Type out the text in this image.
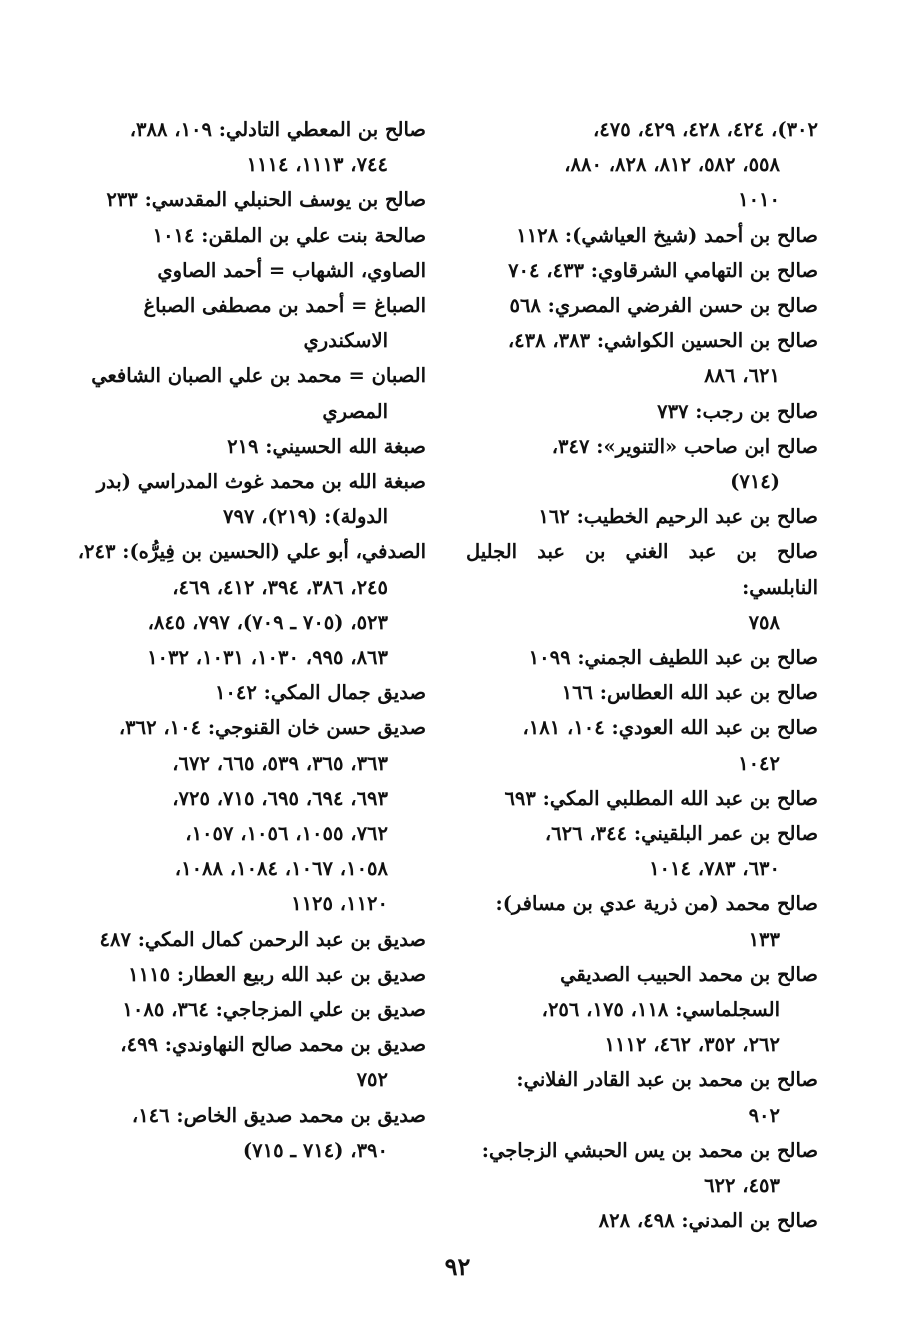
٣٠٢)، ٤٢٤، ٤٢٨، ٤٢٩، ٤٧٥،
٥٥٨، ٥٨٢، ٨١٢، ٨٢٨، ٨٨٠،
١٠١٠
صالح بن أحمد (شيخ العياشي): ١١٢٨
صالح بن التهامي الشرقاوي: ٤٣٣، ٧٠٤
صالح بن حسن الفرضي المصري: ٥٦٨
صالح بن الحسين الكواشي: ٣٨٣، ٤٣٨،
٦٢١، ٨٨٦
صالح بن رجب: ٧٣٧
صالح ابن صاحب «التنوير»: ٣٤٧،
(٧١٤)
صالح بن عبد الرحيم الخطيب: ١٦٢
صالح بن عبد الغني بن عبد الجليل النابلسي:
٧٥٨
صالح بن عبد اللطيف الجمني: ١٠٩٩
صالح بن عبد الله العطاس: ١٦٦
صالح بن عبد الله العودي: ١٠٤، ١٨١،
١٠٤٢
صالح بن عبد الله المطلبي المكي: ٦٩٣
صالح بن عمر البلقيني: ٣٤٤، ٦٢٦،
٦٣٠، ٧٨٣، ١٠١٤
صالح محمد (من ذرية عدي بن مسافر):
١٣٣
صالح بن محمد الحبيب الصديقي
السجلماسي: ١١٨، ١٧٥، ٢٥٦،
٢٦٢، ٣٥٢، ٤٦٢، ١١١٢
صالح بن محمد بن عبد القادر الفلاني:
٩٠٢
صالح بن محمد بن يس الحبشي الزجاجي:
٤٥٣، ٦٢٢
صالح بن المدني: ٤٩٨، ٨٢٨
صالح بن المعطي التادلي: ١٠٩، ٣٨٨،
٧٤٤، ١١١٣، ١١١٤
صالح بن يوسف الحنبلي المقدسي: ٢٣٣
صالحة بنت علي بن الملقن: ١٠١٤
الصاوي، الشهاب = أحمد الصاوي
الصباغ = أحمد بن مصطفى الصباغ
الاسكندري
الصبان = محمد بن علي الصبان الشافعي
المصري
صبغة الله الحسيني: ٢١٩
صبغة الله بن محمد غوث المدراسي (بدر
الدولة): (٢١٩)، ٧٩٧
الصدفي، أبو علي (الحسين بن فِيرُّه): ٢٤٣،
٢٤٥، ٣٨٦، ٣٩٤، ٤١٢، ٤٦٩،
٥٢٣، (٧٠٥ ـ ٧٠٩)، ٧٩٧، ٨٤٥،
٨٦٣، ٩٩٥، ١٠٣٠، ١٠٣١، ١٠٣٢
صديق جمال المكي: ١٠٤٢
صديق حسن خان القنوجي: ١٠٤، ٣٦٢،
٣٦٣، ٣٦٥، ٥٣٩، ٦٦٥، ٦٧٢،
٦٩٣، ٦٩٤، ٦٩٥، ٧١٥، ٧٢٥،
٧٦٢، ١٠٥٥، ١٠٥٦، ١٠٥٧،
١٠٥٨، ١٠٦٧، ١٠٨٤، ١٠٨٨،
١١٢٠، ١١٢٥
صديق بن عبد الرحمن كمال المكي: ٤٨٧
صديق بن عبد الله ربيع العطار: ١١١٥
صديق بن علي المزجاجي: ٣٦٤، ١٠٨٥
صديق بن محمد صالح النهاوندي: ٤٩٩،
٧٥٢
صديق بن محمد صديق الخاص: ١٤٦،
٣٩٠، (٧١٤ ـ ٧١٥)
٩٢
